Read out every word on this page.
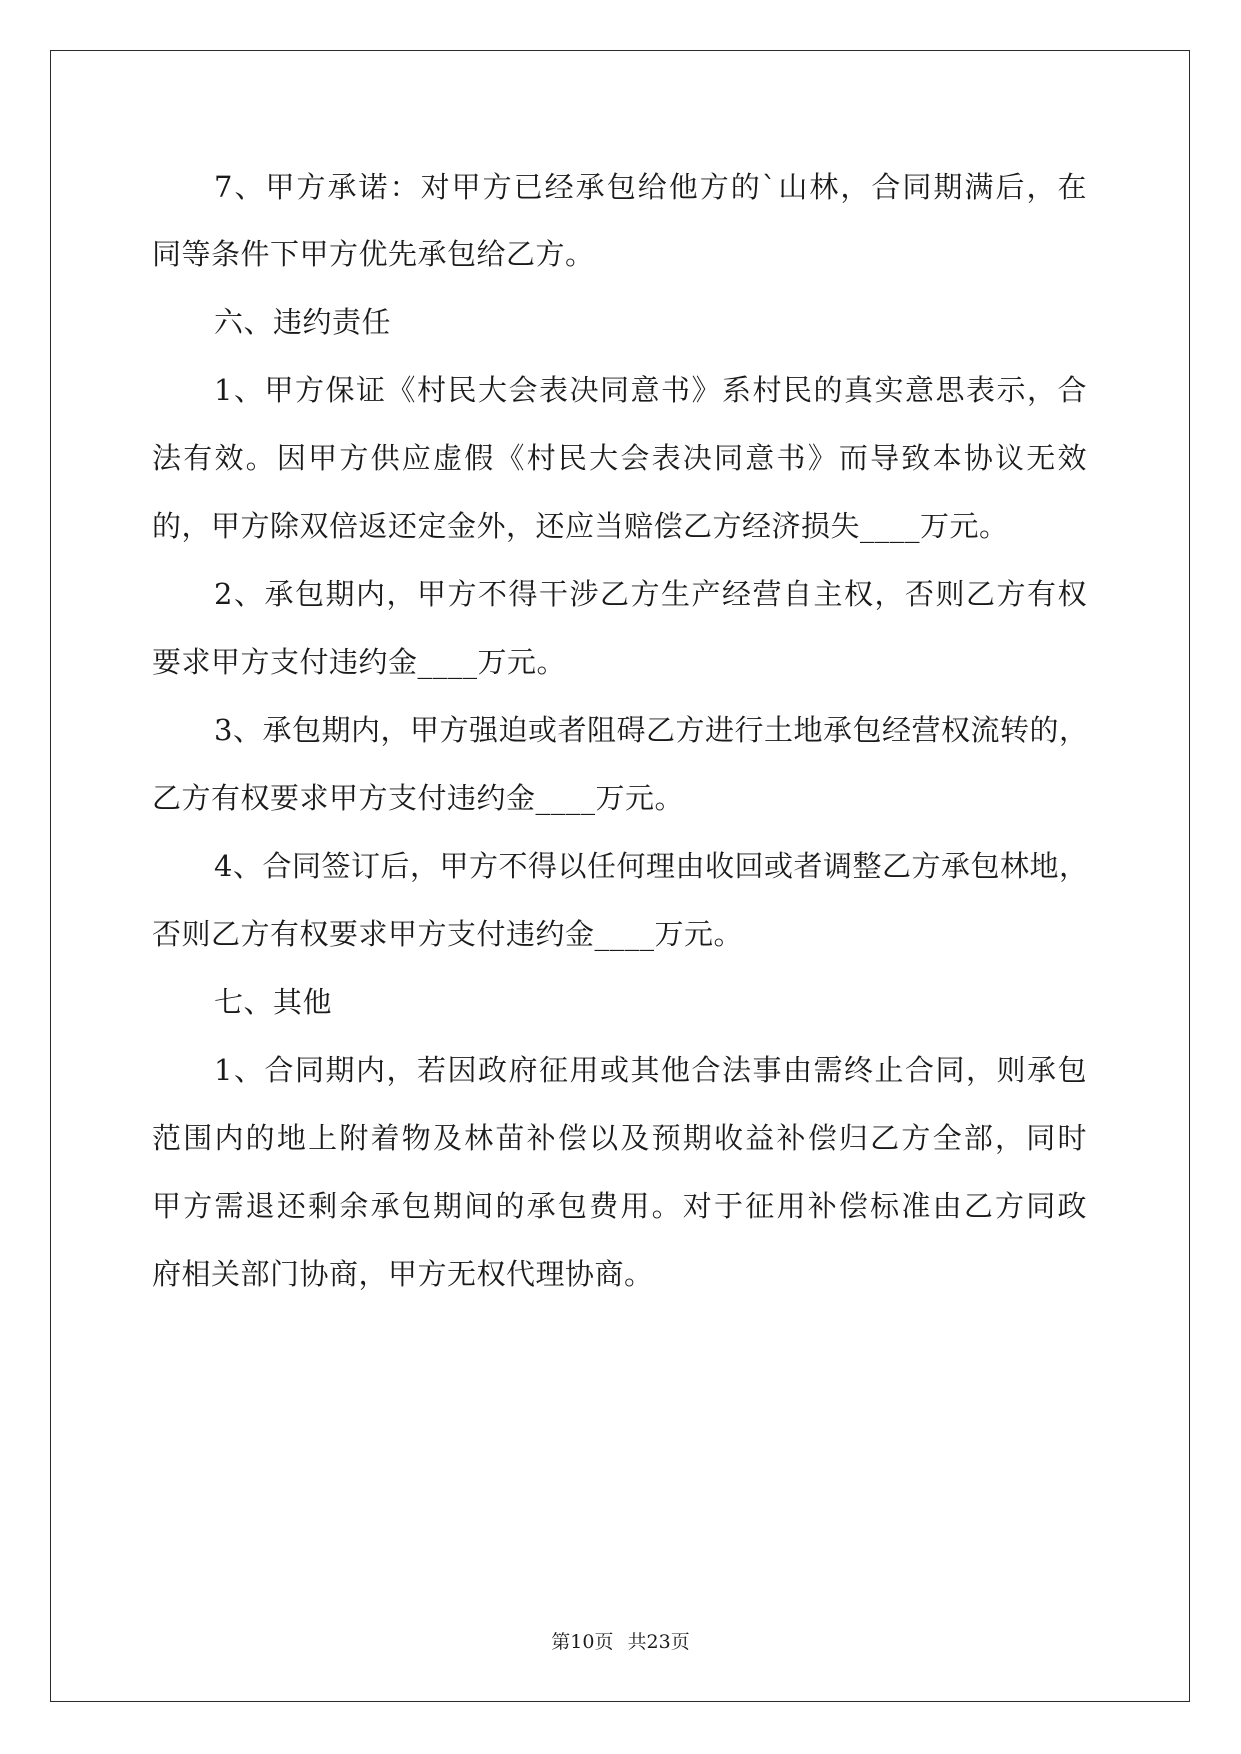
7、甲方承诺：对甲方已经承包给他方的`山林，合同期满后，在
同等条件下甲方优先承包给乙方。
六、违约责任
1、甲方保证《村民大会表决同意书》系村民的真实意思表示，合
法有效。因甲方供应虚假《村民大会表决同意书》而导致本协议无效
的，甲方除双倍返还定金外，还应当赔偿乙方经济损失____万元。
2、承包期内，甲方不得干涉乙方生产经营自主权，否则乙方有权
要求甲方支付违约金____万元。
3、承包期内，甲方强迫或者阻碍乙方进行土地承包经营权流转的，
乙方有权要求甲方支付违约金____万元。
4、合同签订后，甲方不得以任何理由收回或者调整乙方承包林地，
否则乙方有权要求甲方支付违约金____万元。
七、其他
1、合同期内，若因政府征用或其他合法事由需终止合同，则承包
范围内的地上附着物及林苗补偿以及预期收益补偿归乙方全部，同时
甲方需退还剩余承包期间的承包费用。对于征用补偿标准由乙方同政
府相关部门协商，甲方无权代理协商。
第10页 共23页
